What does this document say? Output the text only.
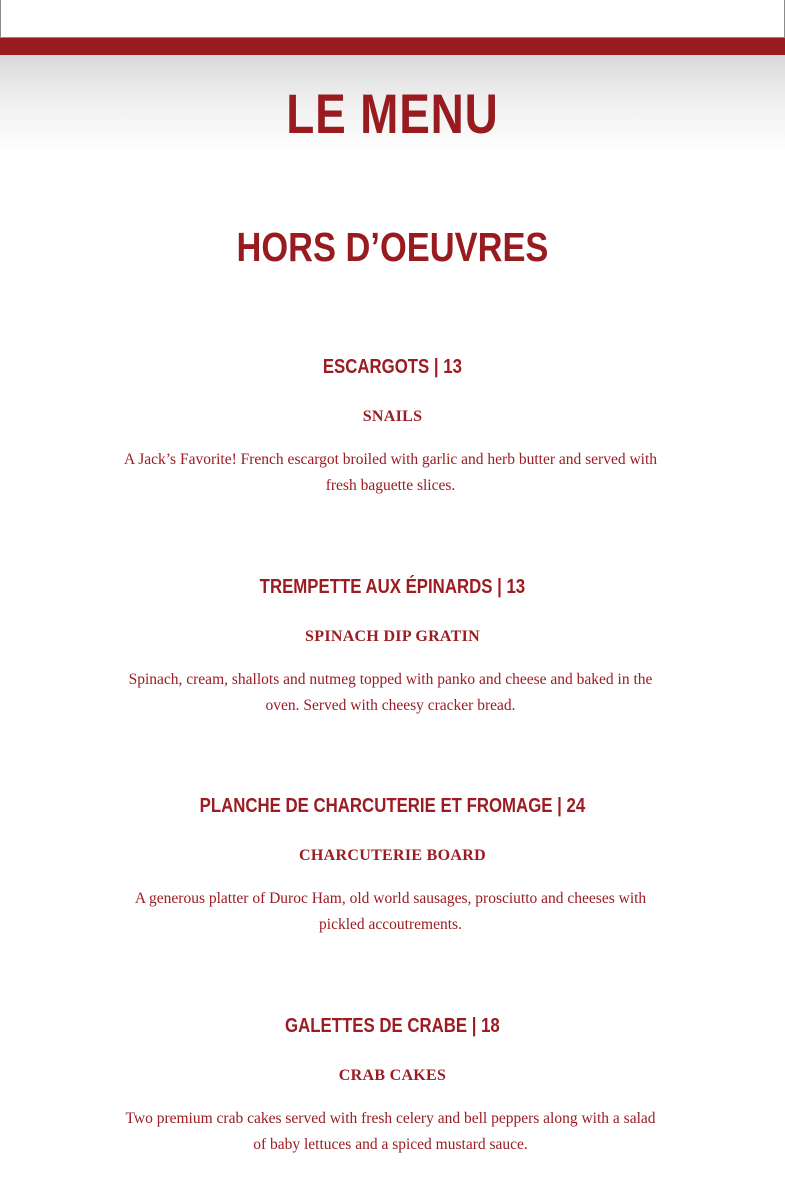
LE MENU
HORS D’OEUVRES
ESCARGOTS | 13
SNAILS
A Jack’s Favorite! French escargot broiled with garlic and herb butter and served with fresh baguette slices.
TREMPETTE AUX ÉPINARDS | 13
SPINACH DIP GRATIN
Spinach, cream, shallots and nutmeg topped with panko and cheese and baked in the oven. Served with cheesy cracker bread.
PLANCHE DE CHARCUTERIE ET FROMAGE | 24
CHARCUTERIE BOARD
A generous platter of Duroc Ham, old world sausages, prosciutto and cheeses with pickled accoutrements.
GALETTES DE CRABE | 18
CRAB CAKES
Two premium crab cakes served with fresh celery and bell peppers along with a salad of baby lettuces and a spiced mustard sauce.
